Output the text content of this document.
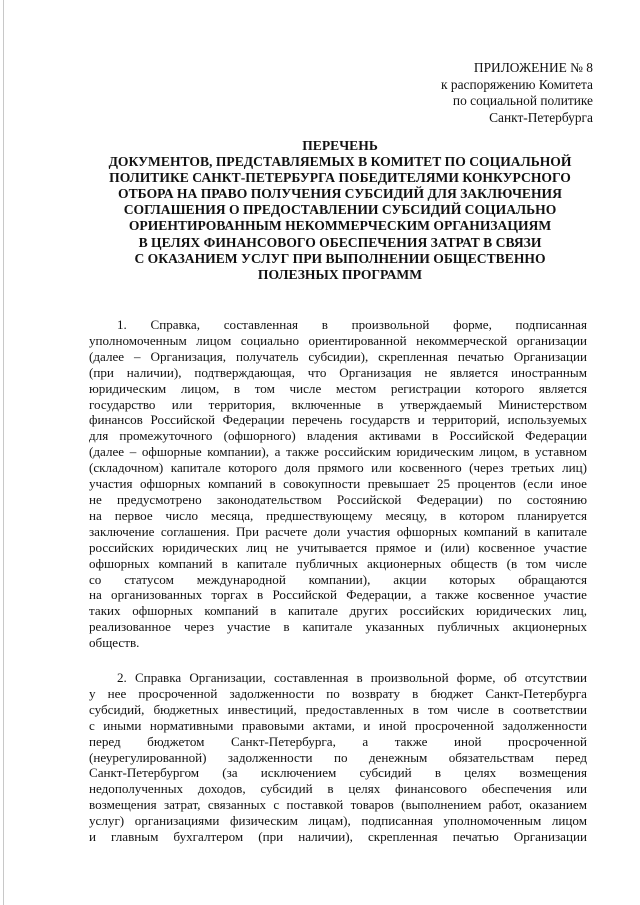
ПРИЛОЖЕНИЕ № 8
к распоряжению Комитета
по социальной политике
Санкт-Петербурга
ПЕРЕЧЕНЬ
ДОКУМЕНТОВ, ПРЕДСТАВЛЯЕМЫХ В КОМИТЕТ ПО СОЦИАЛЬНОЙ
ПОЛИТИКЕ САНКТ-ПЕТЕРБУРГА ПОБЕДИТЕЛЯМИ КОНКУРСНОГО
ОТБОРА НА ПРАВО ПОЛУЧЕНИЯ СУБСИДИЙ ДЛЯ ЗАКЛЮЧЕНИЯ
СОГЛАШЕНИЯ О ПРЕДОСТАВЛЕНИИ СУБСИДИЙ СОЦИАЛЬНО
ОРИЕНТИРОВАННЫМ НЕКОММЕРЧЕСКИМ ОРГАНИЗАЦИЯМ
В ЦЕЛЯХ ФИНАНСОВОГО ОБЕСПЕЧЕНИЯ ЗАТРАТ В СВЯЗИ
С ОКАЗАНИЕМ УСЛУГ ПРИ ВЫПОЛНЕНИИ ОБЩЕСТВЕННО
ПОЛЕЗНЫХ ПРОГРАММ
1. Справка, составленная в произвольной форме, подписанная
уполномоченным лицом социально ориентированной некоммерческой организации
(далее – Организация, получатель субсидии), скрепленная печатью Организации
(при наличии), подтверждающая, что Организация не является иностранным
юридическим лицом, в том числе местом регистрации которого является
государство или территория, включенные в утверждаемый Министерством
финансов Российской Федерации перечень государств и территорий, используемых
для промежуточного (офшорного) владения активами в Российской Федерации
(далее – офшорные компании), а также российским юридическим лицом, в уставном
(складочном) капитале которого доля прямого или косвенного (через третьих лиц)
участия офшорных компаний в совокупности превышает 25 процентов (если иное
не предусмотрено законодательством Российской Федерации) по состоянию
на первое число месяца, предшествующему месяцу, в котором планируется
заключение соглашения. При расчете доли участия офшорных компаний в капитале
российских юридических лиц не учитывается прямое и (или) косвенное участие
офшорных компаний в капитале публичных акционерных обществ (в том числе
со статусом международной компании), акции которых обращаются
на организованных торгах в Российской Федерации, а также косвенное участие
таких офшорных компаний в капитале других российских юридических лиц,
реализованное через участие в капитале указанных публичных акционерных
обществ.
2. Справка Организации, составленная в произвольной форме, об отсутствии
у нее просроченной задолженности по возврату в бюджет Санкт-Петербурга
субсидий, бюджетных инвестиций, предоставленных в том числе в соответствии
с иными нормативными правовыми актами, и иной просроченной задолженности
перед бюджетом Санкт-Петербурга, а также иной просроченной
(неурегулированной) задолженности по денежным обязательствам перед
Санкт-Петербургом (за исключением субсидий в целях возмещения
недополученных доходов, субсидий в целях финансового обеспечения или
возмещения затрат, связанных с поставкой товаров (выполнением работ, оказанием
услуг) организациями физическим лицам), подписанная уполномоченным лицом
и главным бухгалтером (при наличии), скрепленная печатью Организации
